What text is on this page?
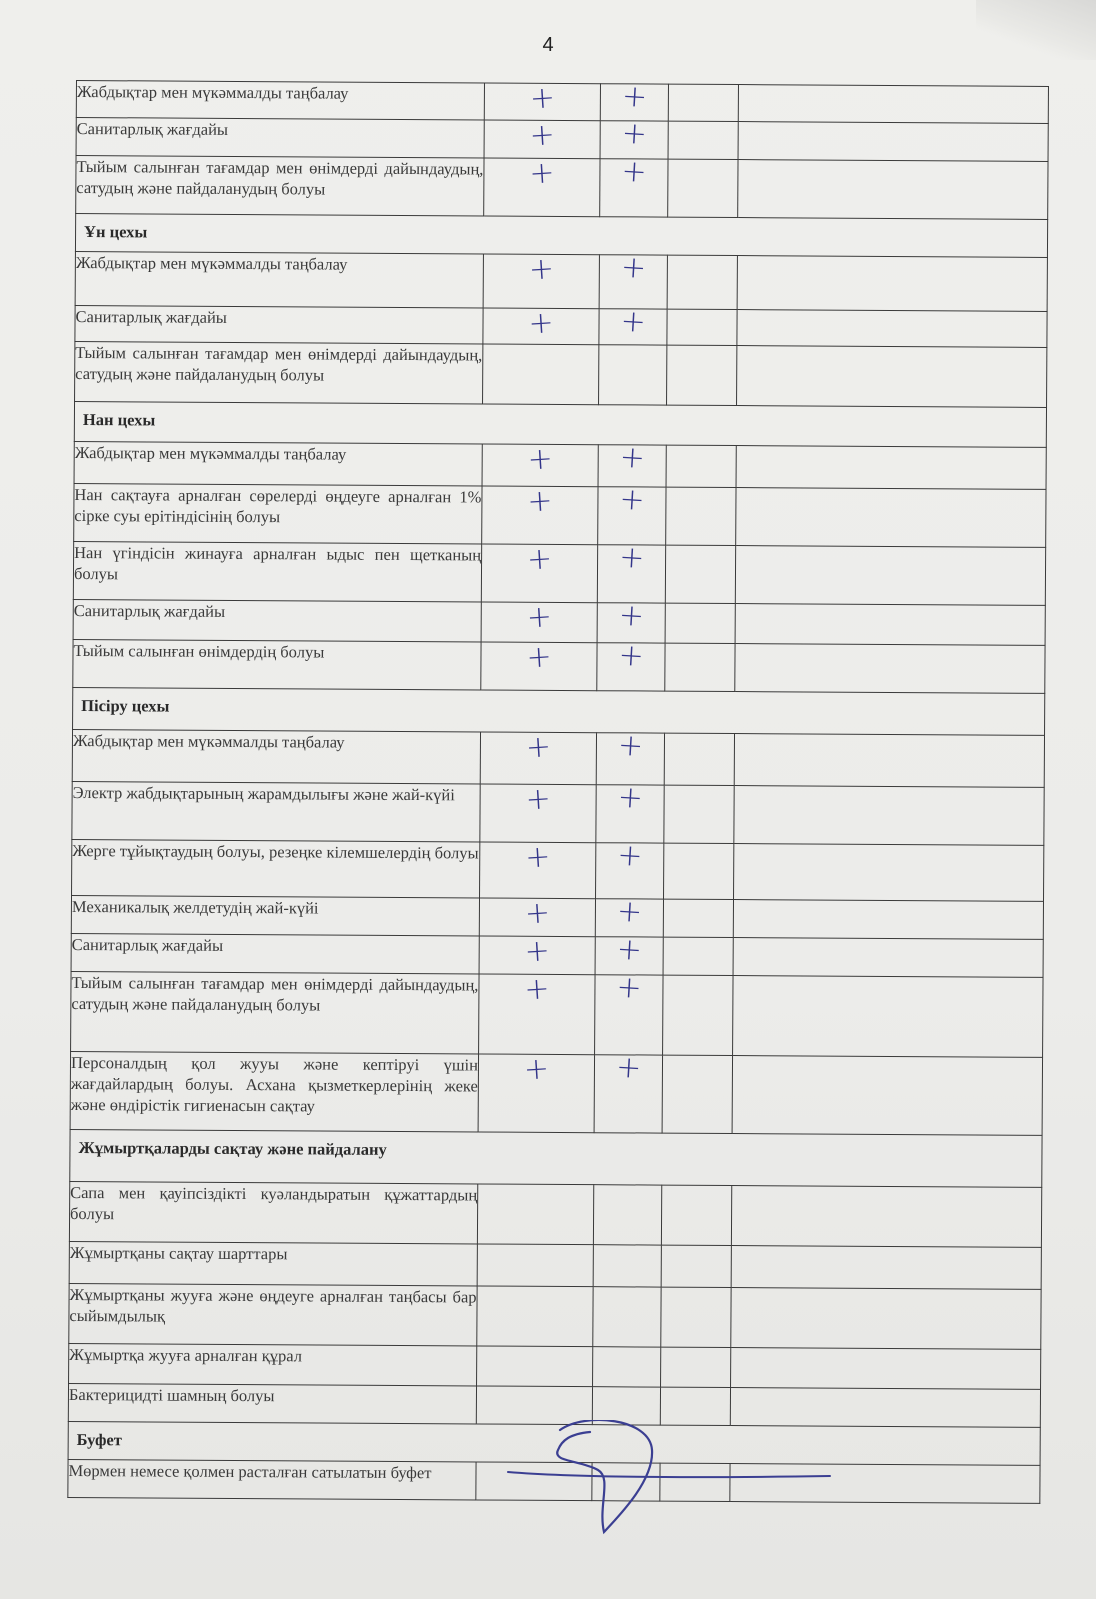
4
Жабдықтар мен мүкәммалды таңбалау	+	+		
Санитарлық жағдайы	+	+		
Тыйым салынған тағамдар мен өнімдерді дайындаудың, сатудың және пайдаланудың болуы	+	+		
Ұн цехы				
Жабдықтар мен мүкәммалды таңбалау	+	+		
Санитарлық жағдайы	+	+		
Тыйым салынған тағамдар мен өнімдерді дайындаудың, сатудың және пайдаланудың болуы				
Нан цехы				
Жабдықтар мен мүкәммалды таңбалау	+	+		
Нан сақтауға арналған сөрелерді өңдеуге арналған 1% сірке суы ерітіндісінің болуы	+	+		
Нан үгіндісін жинауға арналған ыдыс пен щетканың болуы	+	+		
Санитарлық жағдайы	+	+		
Тыйым салынған өнімдердің болуы	+	+		
Пісіру цехы				
Жабдықтар мен мүкәммалды таңбалау	+	+		
Электр жабдықтарының жарамдылығы және жай-күйі	+	+		
Жерге тұйықтаудың болуы, резеңке кілемшелердің болуы	+	+		
Механикалық желдетудің жай-күйі	+	+		
Санитарлық жағдайы	+	+		
Тыйым салынған тағамдар мен өнімдерді дайындаудың, сатудың және пайдаланудың болуы	+	+		
Персоналдың қол жууы және кептіруі үшін жағдайлардың болуы. Асхана қызметкерлерінің жеке және өндірістік гигиенасын сақтау	+	+		
Жұмыртқаларды сақтау және пайдалану				
Сапа мен қауіпсіздікті куәландыратын құжаттардың болуы				
Жұмыртқаны сақтау шарттары				
Жұмыртқаны жууға және өңдеуге арналған таңбасы бар сыйымдылық				
Жұмыртқа жууға арналған құрал				
Бактерицидті шамның болуы				
Буфет				
Мөрмен немесе қолмен расталған сатылатын буфет				
